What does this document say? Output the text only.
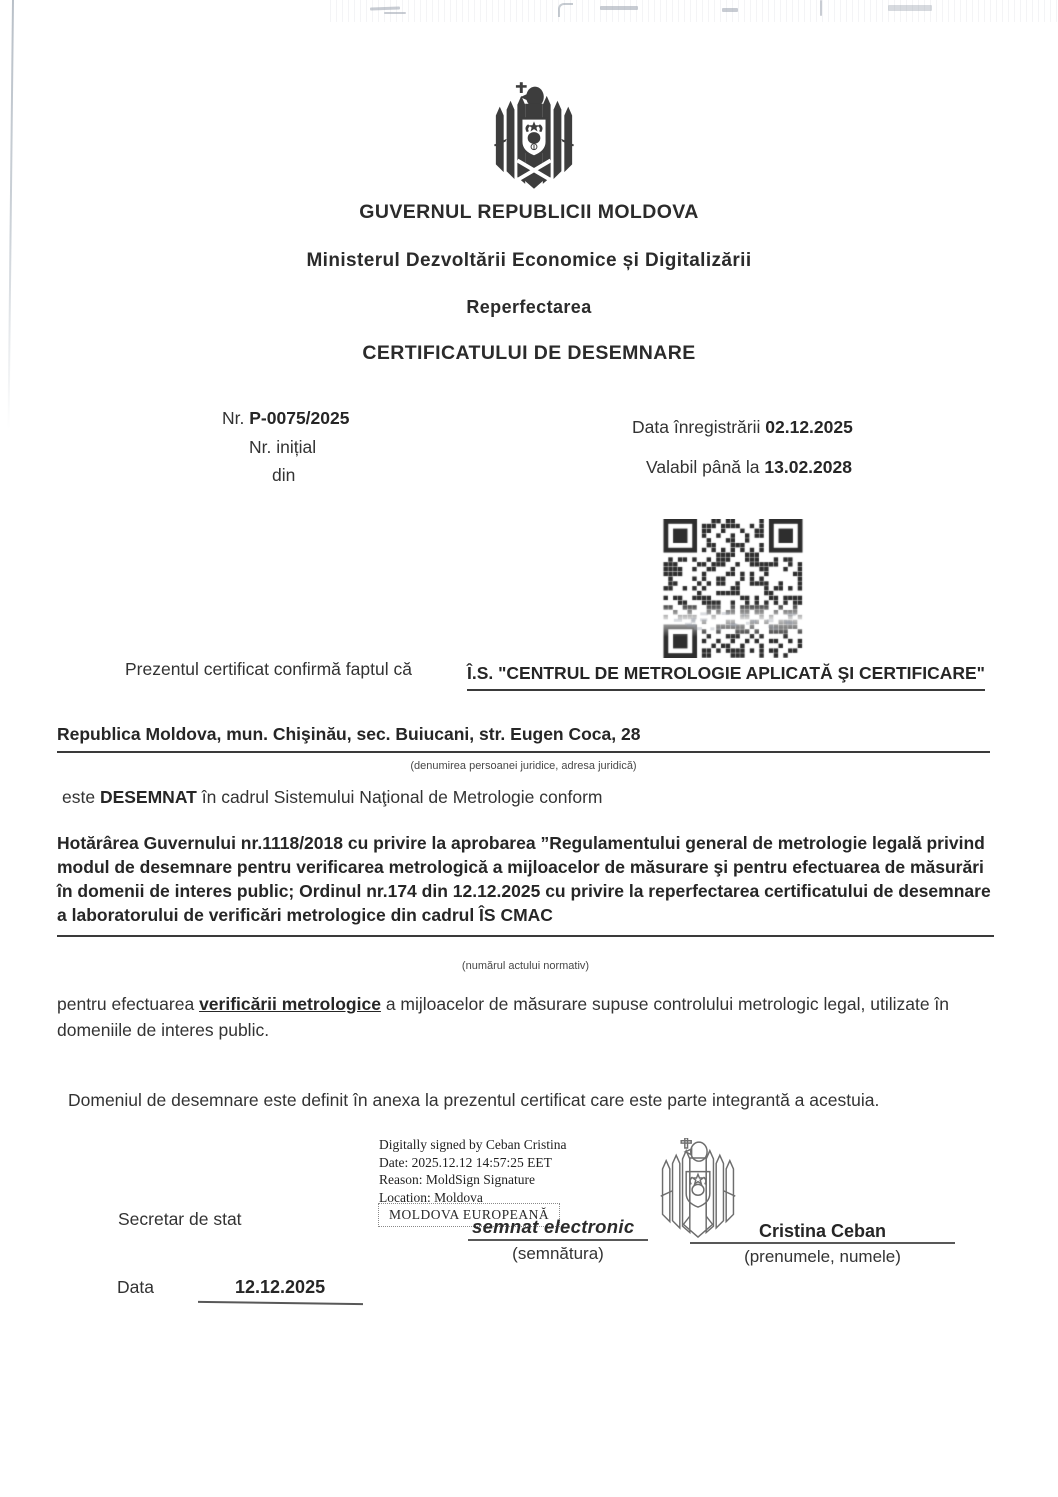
GUVERNUL REPUBLICII MOLDOVA
Ministerul Dezvoltării Economice și Digitalizării
Reperfectarea
CERTIFICATULUI DE DESEMNARE
Nr. P-0075/2025
Nr. inițial
din
Data înregistrării 02.12.2025
Valabil până la 13.02.2028
Prezentul certificat confirmă faptul că	Î.S. "CENTRUL DE METROLOGIE APLICATĂ ŞI CERTIFICARE"
Republica Moldova, mun. Chişinău, sec. Buiucani, str. Eugen Coca, 28
(denumirea persoanei juridice, adresa juridică)
este DESEMNAT în cadrul Sistemului Naţional de Metrologie conform
Hotărârea Guvernului nr.1118/2018 cu privire la aprobarea ”Regulamentului general de metrologie legală privind modul de desemnare pentru verificarea metrologică a mijloacelor de măsurare şi pentru efectuarea de măsurări în domenii de interes public; Ordinul nr.174 din 12.12.2025 cu privire la reperfectarea certificatului de desemnare a laboratorului de verificări metrologice din cadrul ÎS CMAC
(numărul actului normativ)
pentru efectuarea verificării metrologice a mijloacelor de măsurare supuse controlului metrologic legal, utilizate în domeniile de interes public.
Domeniul de desemnare este definit în anexa la prezentul certificat care este parte integrantă a acestuia.
Digitally signed by Ceban Cristina
Date: 2025.12.12 14:57:25 EET
Reason: MoldSign Signature
Location: Moldova
MOLDOVA EUROPEANĂ
Secretar de stat	semnat electronic
(semnătura)
Cristina Ceban
(prenumele, numele)
Data	12.12.2025
